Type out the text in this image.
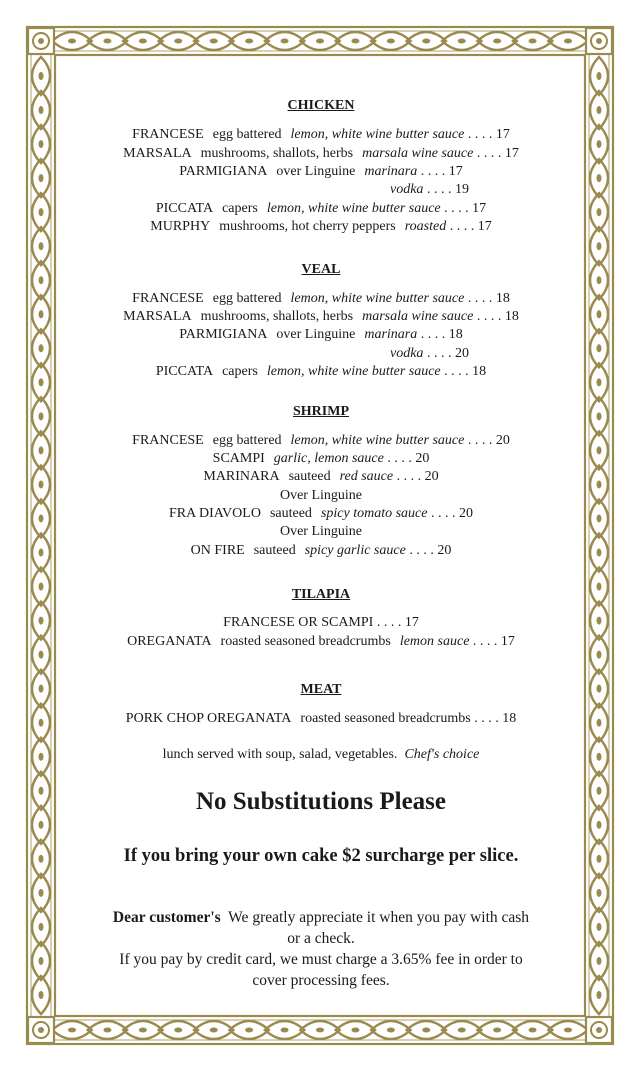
CHICKEN
FRANCESE egg battered lemon, white wine butter sauce . . . . 17
MARSALA mushrooms, shallots, herbs marsala wine sauce . . . . 17
PARMIGIANA over Linguine marinara . . . . 17
vodka . . . . 19
PICCATA capers lemon, white wine butter sauce . . . . 17
MURPHY mushrooms, hot cherry peppers roasted . . . . 17
VEAL
FRANCESE egg battered lemon, white wine butter sauce . . . . 18
MARSALA mushrooms, shallots, herbs marsala wine sauce . . . . 18
PARMIGIANA over Linguine marinara . . . . 18
vodka . . . . 20
PICCATA capers lemon, white wine butter sauce . . . . 18
SHRIMP
FRANCESE egg battered lemon, white wine butter sauce . . . . 20
SCAMPI garlic, lemon sauce . . . . 20
MARINARA sauteed red sauce . . . . 20
Over Linguine
FRA DIAVOLO sauteed spicy tomato sauce . . . . 20
Over Linguine
ON FIRE sauteed spicy garlic sauce . . . . 20
TILAPIA
FRANCESE OR SCAMPI . . . . 17
OREGANATA roasted seasoned breadcrumbs lemon sauce . . . . 17
MEAT
PORK CHOP OREGANATA roasted seasoned breadcrumbs . . . . 18
lunch served with soup, salad, vegetables. Chef's choice
No Substitutions Please
If you bring your own cake $2 surcharge per slice.
Dear customer's We greatly appreciate it when you pay with cash
or a check.
If you pay by credit card, we must charge a 3.65% fee in order to
cover processing fees.
